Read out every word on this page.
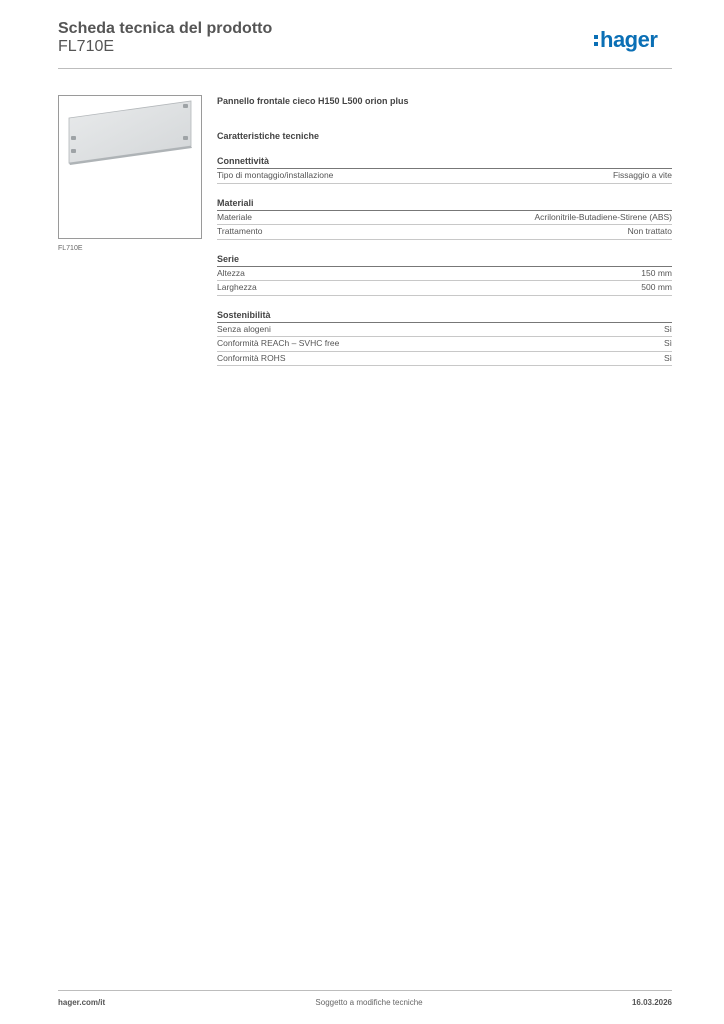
Scheda tecnica del prodotto
FL710E	hager
FL710E
Pannello frontale cieco H150 L500 orion plus
Caratteristiche tecniche
Connettività
Tipo di montaggio/installazione	Fissaggio a vite
Materiali
Materiale	Acrilonitrile-Butadiene-Stirene (ABS)
Trattamento	Non trattato
Serie
Altezza	150 mm
Larghezza	500 mm
Sostenibilità
Senza alogeni	Sì
Conformità REACh – SVHC free	Sì
Conformità ROHS	Sì
hager.com/it	Soggetto a modifiche tecniche	16.03.2026
